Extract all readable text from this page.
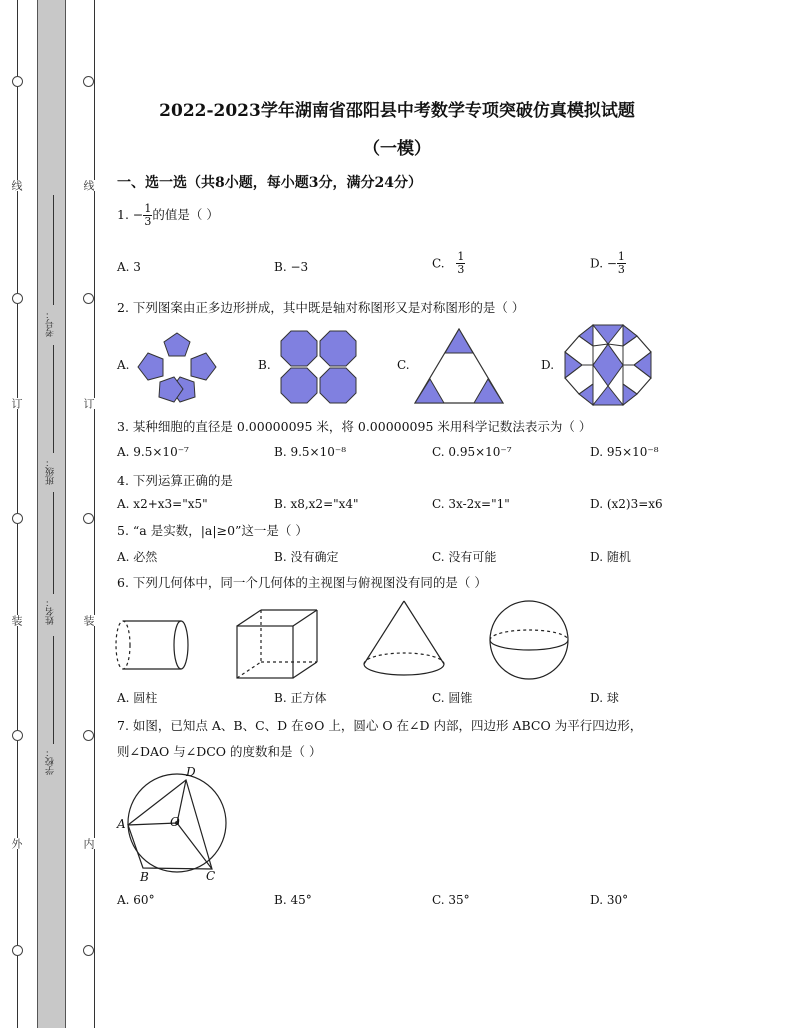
线
订
装
外
线
订
装
内
考号：
班级：
姓名：
学校：
2022-2023学年湖南省邵阳县中考数学专项突破仿真模拟试题
（一模）
一、选一选（共8小题，每小题3分，满分24分）
1. − $\frac{1}{3}$ 的值是（ ）
A. 3	B. −3	C. $\frac{1}{3}$	D. − $\frac{1}{3}$
2. 下列图案由正多边形拼成，其中既是轴对称图形又是对称图形的是（ ）
A.	B.	C.	D.
3. 某种细胞的直径是 0.00000095 米，将 0.00000095 米用科学记数法表示为（ ）
A. 9.5×10⁻⁷	B. 9.5×10⁻⁸	C. 0.95×10⁻⁷	D. 95×10⁻⁸
4. 下列运算正确的是
A. x2+x3="x5"	B. x8,x2="x4"	C. 3x-2x="1"	D. (x2)3=x6
5. “a 是实数，|a|≥0”这一是（ ）
A. 必然	B. 没有确定	C. 没有可能	D. 随机
6. 下列几何体中，同一个几何体的主视图与俯视图没有同的是（ ）
A. 圆柱	B. 正方体	C. 圆锥	D. 球
7. 如图，已知点 A、B、C、D 在⊙O 上，圆心 O 在∠D 内部，四边形 ABCO 为平行四边形，
则∠DAO 与∠DCO 的度数和是（ ）
A
D
O
B	C
A. 60°	B. 45°	C. 35°	D. 30°
